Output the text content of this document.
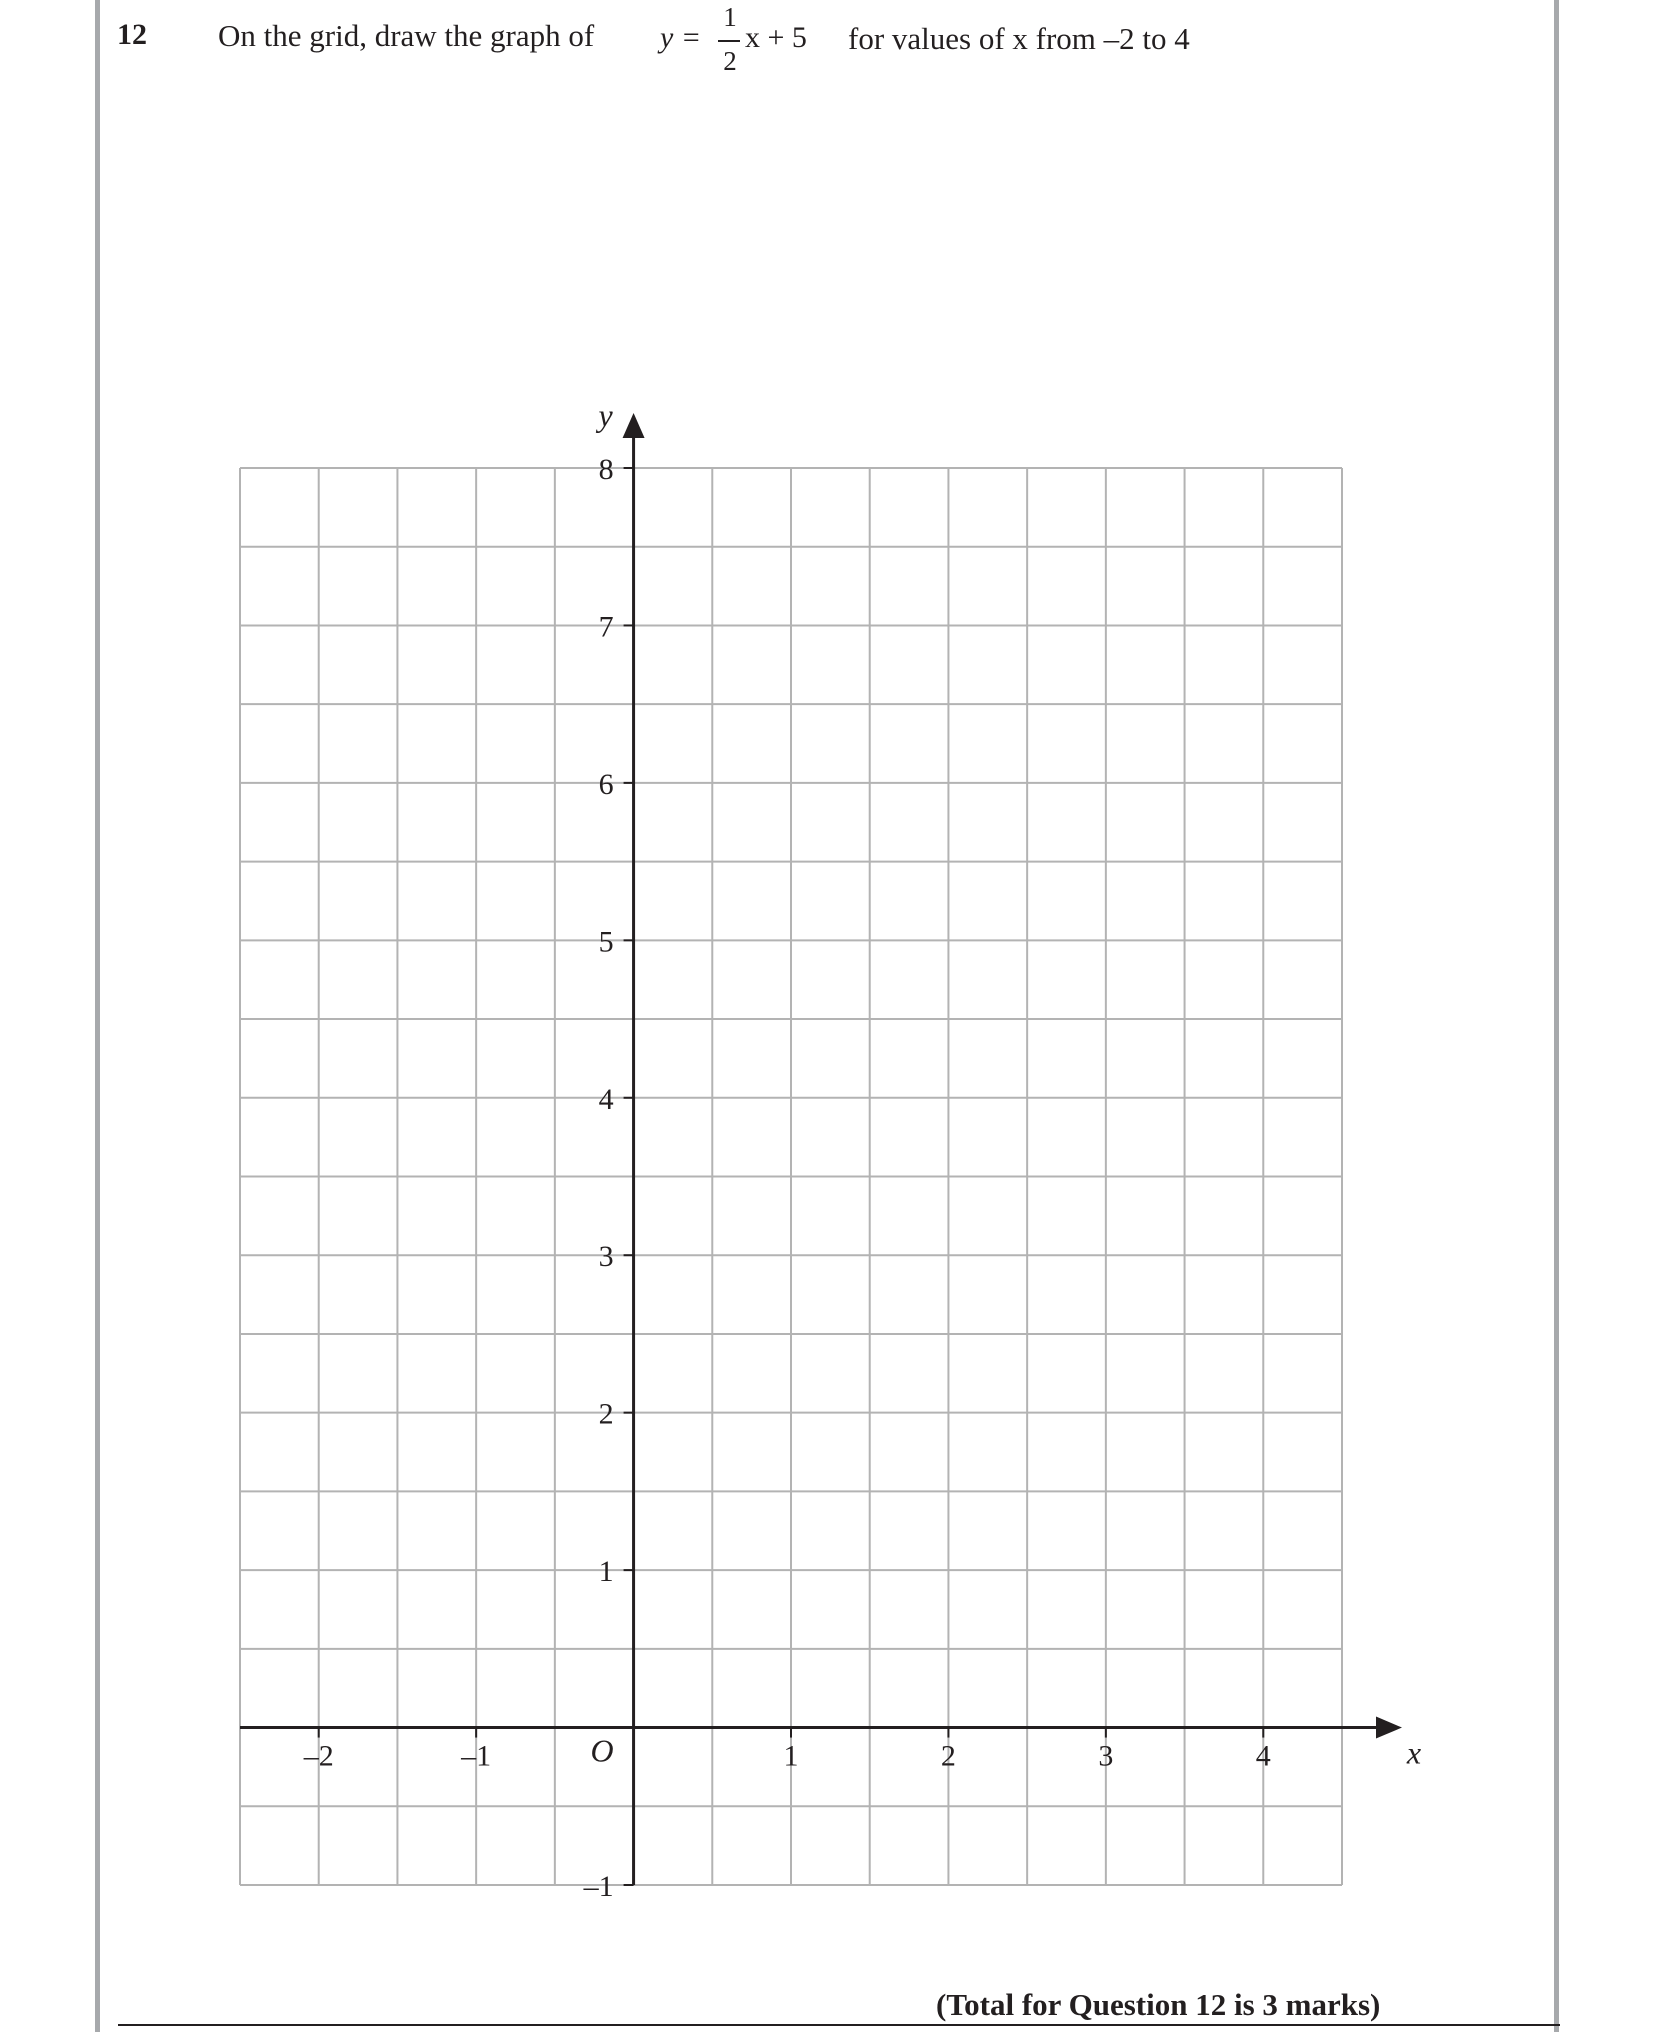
12 On the grid, draw the graph of y =
1
2
x + 5 for values of x from –2 to 4
–2	–1	1	2	3	4
–1
1
2
3
4
5
6
7
8
O	x
y
(Total for Question 12 is 3 marks)
